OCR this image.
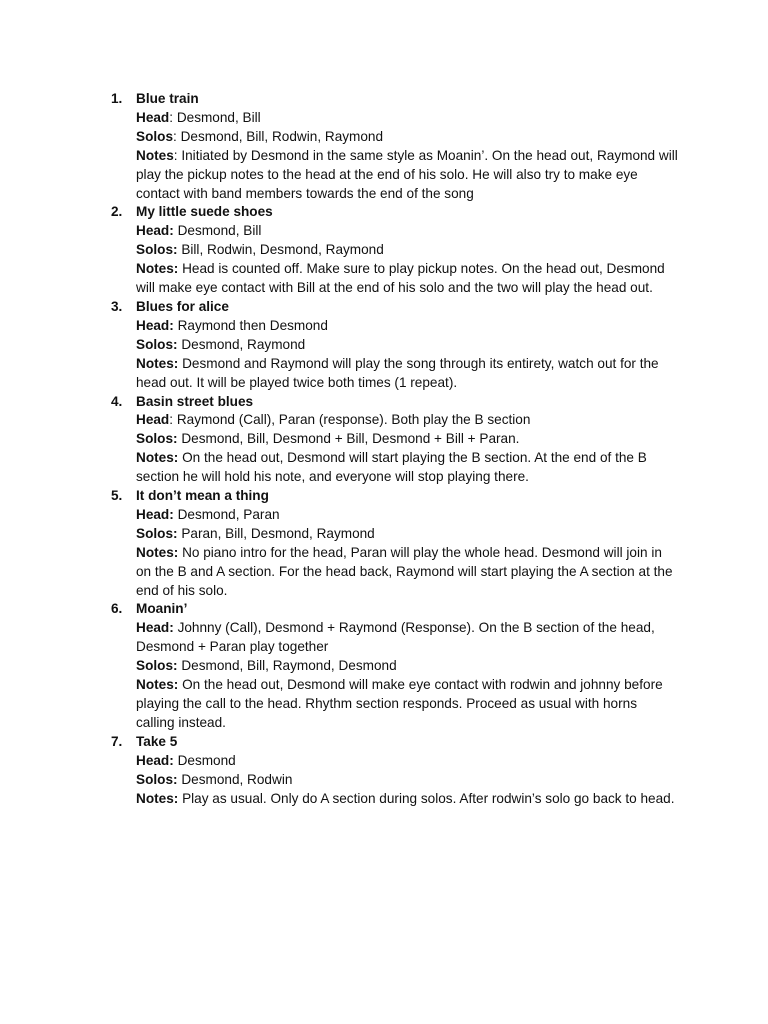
1. Blue train
Head: Desmond, Bill
Solos: Desmond, Bill, Rodwin, Raymond
Notes: Initiated by Desmond in the same style as Moanin’. On the head out, Raymond will play the pickup notes to the head at the end of his solo. He will also try to make eye contact with band members towards the end of the song
2. My little suede shoes
Head: Desmond, Bill
Solos: Bill, Rodwin, Desmond, Raymond
Notes: Head is counted off. Make sure to play pickup notes. On the head out, Desmond will make eye contact with Bill at the end of his solo and the two will play the head out.
3. Blues for alice
Head: Raymond then Desmond
Solos: Desmond, Raymond
Notes: Desmond and Raymond will play the song through its entirety, watch out for the head out. It will be played twice both times (1 repeat).
4. Basin street blues
Head: Raymond (Call), Paran (response). Both play the B section
Solos: Desmond, Bill, Desmond + Bill, Desmond + Bill + Paran.
Notes: On the head out, Desmond will start playing the B section. At the end of the B section he will hold his note, and everyone will stop playing there.
5. It don’t mean a thing
Head: Desmond, Paran
Solos: Paran, Bill, Desmond, Raymond
Notes: No piano intro for the head, Paran will play the whole head. Desmond will join in on the B and A section. For the head back, Raymond will start playing the A section at the end of his solo.
6. Moanin’
Head: Johnny (Call), Desmond + Raymond (Response). On the B section of the head, Desmond + Paran play together
Solos: Desmond, Bill, Raymond, Desmond
Notes: On the head out, Desmond will make eye contact with rodwin and johnny before playing the call to the head. Rhythm section responds. Proceed as usual with horns calling instead.
7. Take 5
Head: Desmond
Solos: Desmond, Rodwin
Notes: Play as usual. Only do A section during solos. After rodwin’s solo go back to head.
